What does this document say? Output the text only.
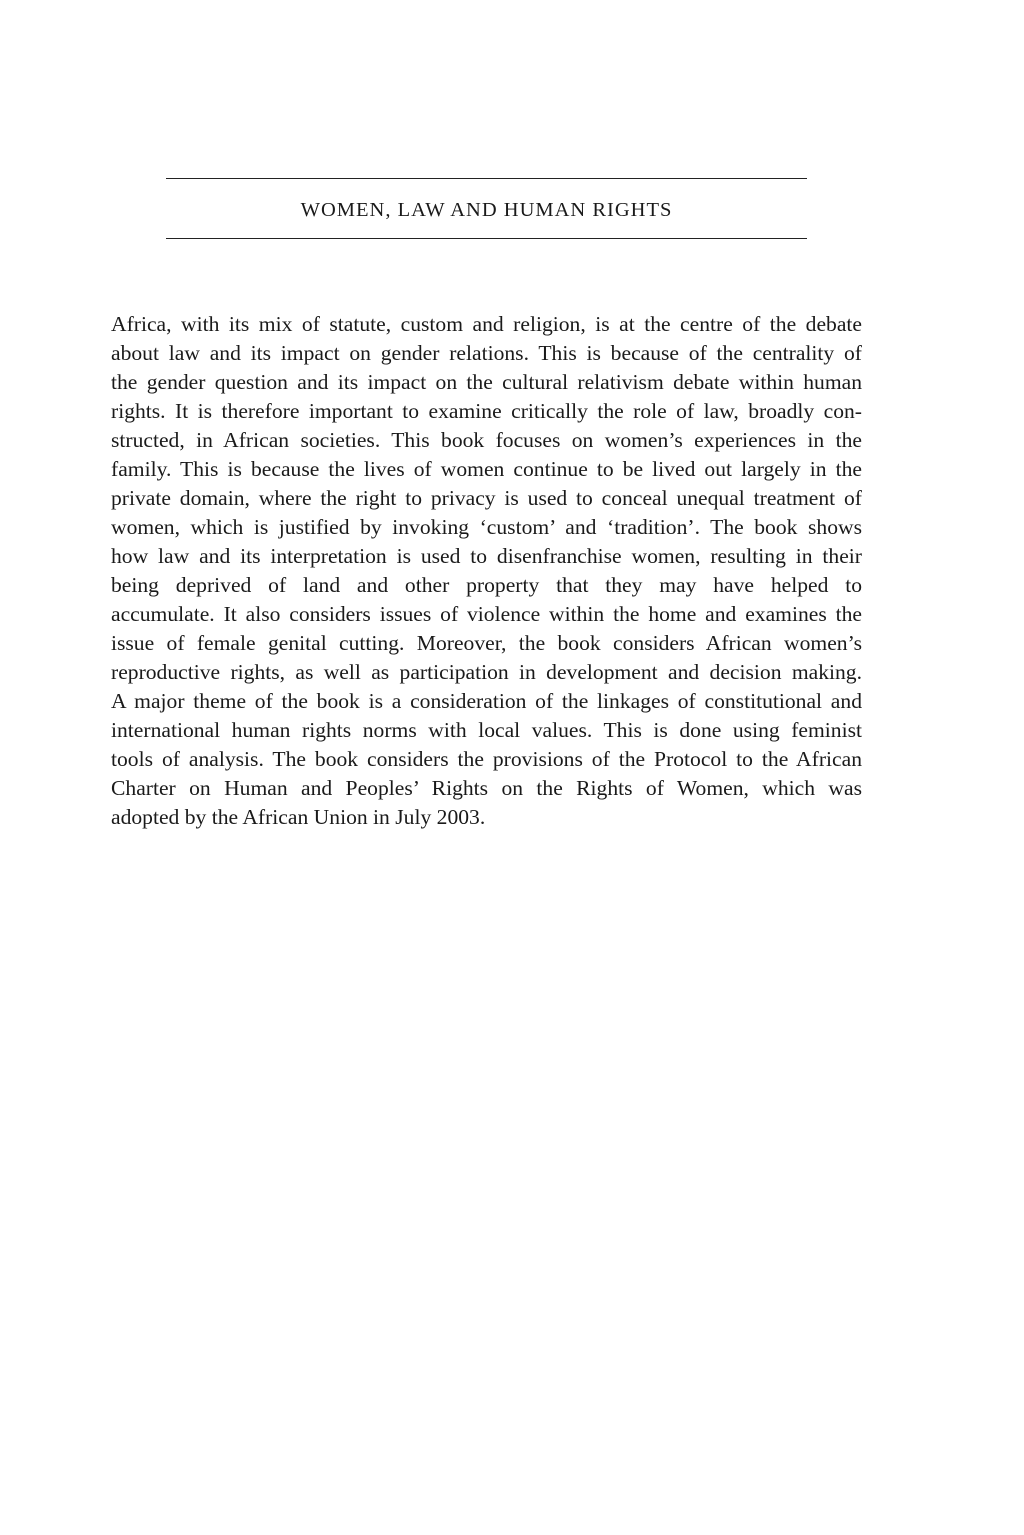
WOMEN, LAW AND HUMAN RIGHTS
Africa, with its mix of statute, custom and religion, is at the centre of the debate
about law and its impact on gender relations. This is because of the centrality of
the gender question and its impact on the cultural relativism debate within human
rights. It is therefore important to examine critically the role of law, broadly con-
structed, in African societies. This book focuses on women’s experiences in the
family. This is because the lives of women continue to be lived out largely in the
private domain, where the right to privacy is used to conceal unequal treatment of
women, which is justified by invoking ‘custom’ and ‘tradition’. The book shows
how law and its interpretation is used to disenfranchise women, resulting in their
being deprived of land and other property that they may have helped to
accumulate. It also considers issues of violence within the home and examines the
issue of female genital cutting. Moreover, the book considers African women’s
reproductive rights, as well as participation in development and decision making.
A major theme of the book is a consideration of the linkages of constitutional and
international human rights norms with local values. This is done using feminist
tools of analysis. The book considers the provisions of the Protocol to the African
Charter on Human and Peoples’ Rights on the Rights of Women, which was
adopted by the African Union in July 2003.
